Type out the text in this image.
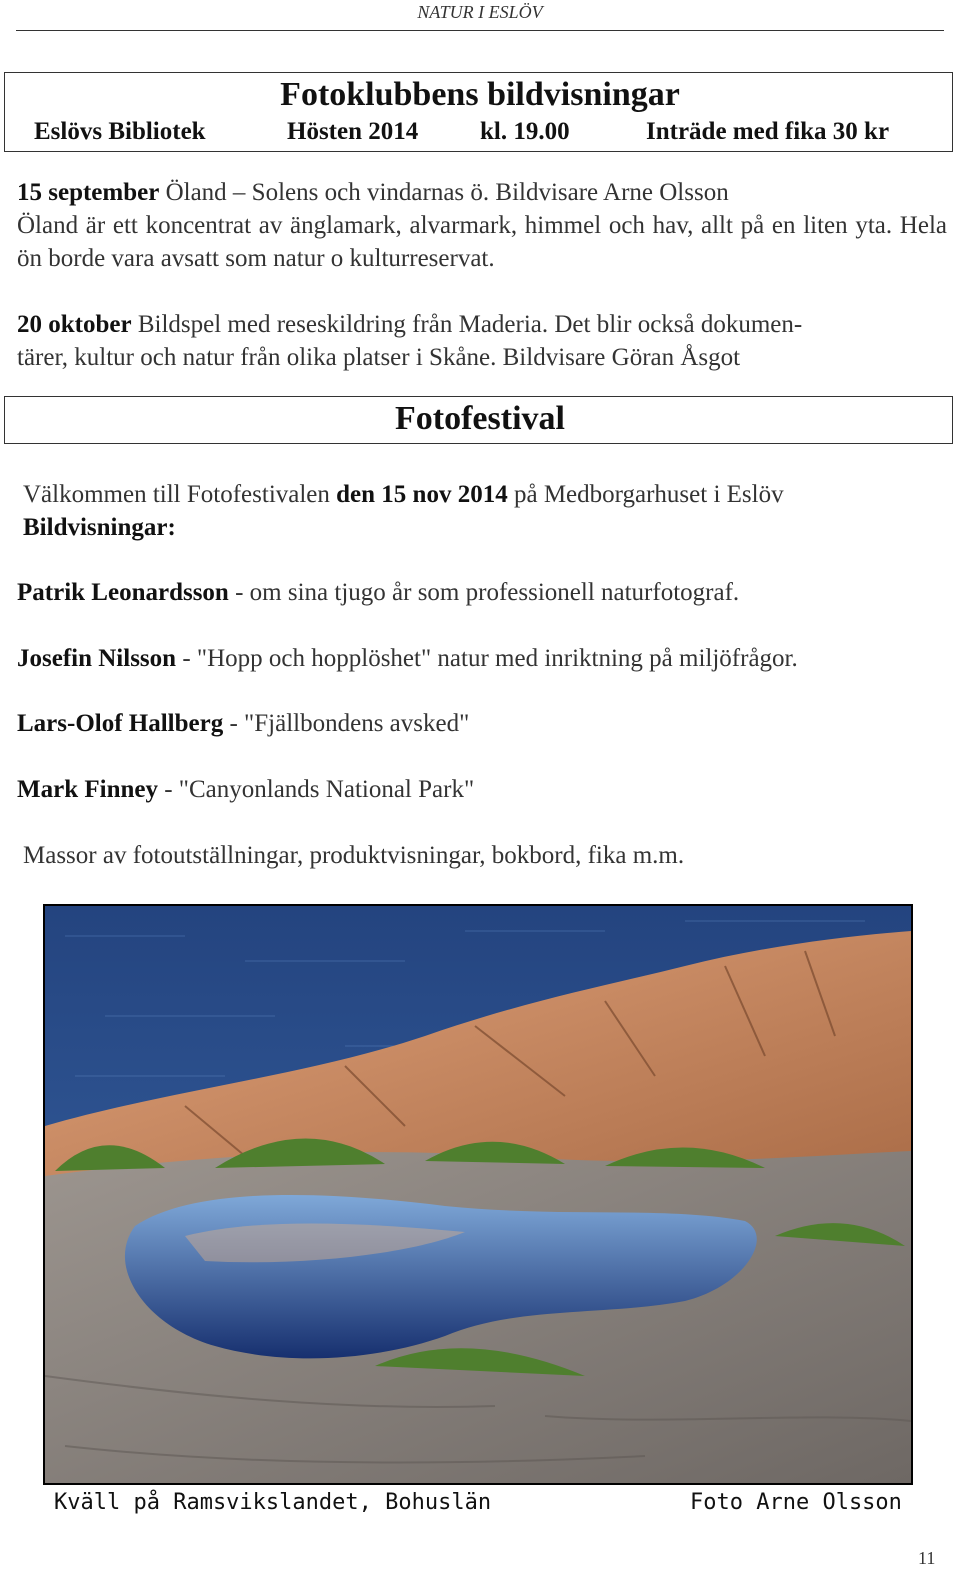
NATUR I ESLÖV
Fotoklubbens bildvisningar
Eslövs Bibliotek	Hösten 2014 kl. 19.00	Inträde med fika 30 kr
15 september Öland – Solens och vindarnas ö. Bildvisare Arne Olsson
Öland är ett koncentrat av änglamark, alvarmark, himmel och hav, allt på en liten yta. Hela ön borde vara avsatt som natur o kulturreservat.
20 oktober Bildspel med reseskildring från Maderia. Det blir också dokumen-
tärer, kultur och natur från olika platser i Skåne. Bildvisare Göran Åsgot
Fotofestival
Välkommen till Fotofestivalen den 15 nov 2014 på Medborgarhuset i Eslöv
Bildvisningar:
Patrik Leonardsson - om sina tjugo år som professionell naturfotograf.
Josefin Nilsson - "Hopp och hopplöshet" natur med inriktning på miljöfrågor.
Lars-Olof Hallberg - "Fjällbondens avsked"
Mark Finney - "Canyonlands National Park"
Massor av fotoutställningar, produktvisningar, bokbord, fika m.m.
Kväll på Ramsvikslandet, Bohuslän	Foto Arne Olsson
11
